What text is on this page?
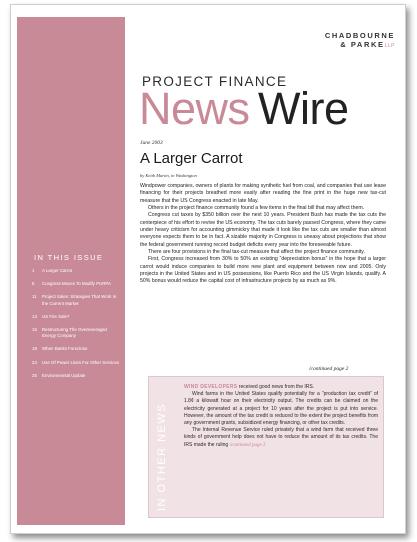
CHADBOURNE
& PARKELLP
PROJECT FINANCE
News Wire
June 2003
A Larger Carrot
by Keith Martin, in Washington

Windpower companies, owners of plants for making synthetic fuel from coal, and companies that use lease financing for their projects breathed more easily after reading the fine print in the huge new tax-cut measure that the US Congress enacted in late May.

Others in the project finance community found a few items in the final bill that may affect them.

Congress cut taxes by $350 billion over the next 10 years. President Bush has made the tax cuts the centerpiece of his effort to revive the US economy. The tax cuts barely passed Congress, where they came under heavy criticism for accounting gimmickry that made it look like the tax cuts are smaller than almost everyone expects them to be in fact. A sizable majority in Congress is uneasy about projections that show the federal government running record budget deficits every year into the foreseeable future.

There are four provisions in the final tax-cut measure that affect the project finance community.

First, Congress increased from 30% to 50% an existing “depreciation bonus” in the hope that a larger carrot would induce companies to build more new plant and equipment between now and 2005. Only projects in the United States and in US possessions, like Puerto Rico and the US Virgin Islands, qualify. A 50% bonus would reduce the capital cost of infrastructure projects by as much as 9%.

/continued page 2
IN THIS ISSUE
1	A Larger Carrot
5	Congress Moves To Modify PURPA
11	Project Sales: Strategies That Work In the Current Market
13	US Fire Sale?
15	Restructuring The Overleveraged Energy Company
18	When Banks Foreclose
24	Use Of Power Lines For Other Services
25	Environmental Update
IN OTHER NEWS

WIND DEVELOPERS received good news from the IRS.

Wind farms in the United States qualify potentially for a “production tax credit” of 1.8¢ a kilowatt hour on their electricity output. The credits can be claimed on the electricity generated at a project for 10 years after the project is put into service. However, the amount of the tax credit is reduced to the extent the project benefits from any government grants, subsidized energy financing, or other tax credits.

The Internal Revenue Service ruled privately that a wind farm that received three kinds of government help does not have to reduce the amount of its tax credits. The IRS made the ruling /continued page 3
